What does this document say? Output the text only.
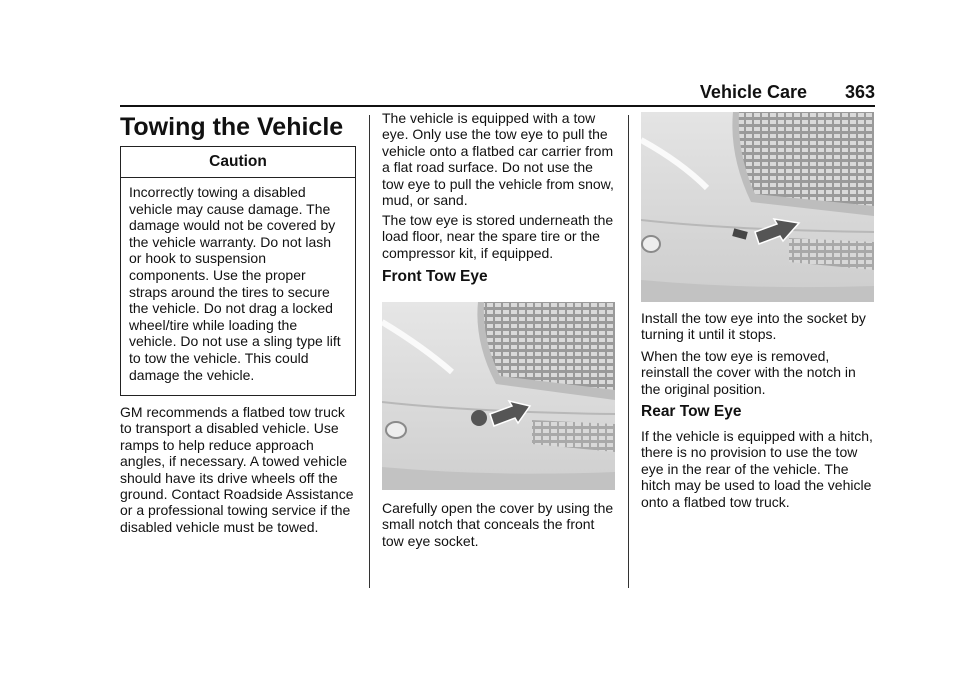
Vehicle Care 363
Towing the Vehicle
Caution
Incorrectly towing a disabled vehicle may cause damage. The damage would not be covered by the vehicle warranty. Do not lash or hook to suspension components. Use the proper straps around the tires to secure the vehicle. Do not drag a locked wheel/tire while loading the vehicle. Do not use a sling type lift to tow the vehicle. This could damage the vehicle.

GM recommends a flatbed tow truck to transport a disabled vehicle. Use ramps to help reduce approach angles, if necessary. A towed vehicle should have its drive wheels off the ground. Contact Roadside Assistance or a professional towing service if the disabled vehicle must be towed.

The vehicle is equipped with a tow eye. Only use the tow eye to pull the vehicle onto a flatbed car carrier from a flat road surface. Do not use the tow eye to pull the vehicle from snow, mud, or sand.

The tow eye is stored underneath the load floor, near the spare tire or the compressor kit, if equipped.

Front Tow Eye

Carefully open the cover by using the small notch that conceals the front tow eye socket.

Install the tow eye into the socket by turning it until it stops.

When the tow eye is removed, reinstall the cover with the notch in the original position.

Rear Tow Eye

If the vehicle is equipped with a hitch, there is no provision to use the tow eye in the rear of the vehicle. The hitch may be used to load the vehicle onto a flatbed tow truck.
